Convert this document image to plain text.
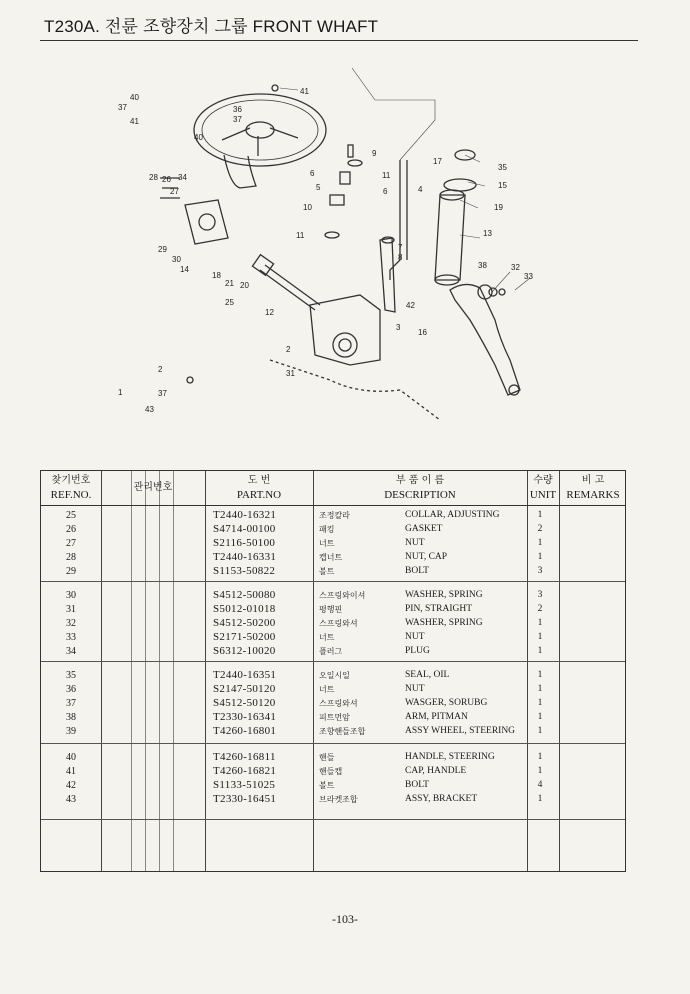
T230A. 전륜 조향장치 그룹 FRONT WHAFT
40
37
41
41
36
37
40
28 26 34
27
6
5
10
9
11
6	4
17
35
15
19
13
11
7
8
29
30
14
18
21 20
25
12
42
3
16
38	32
33
2
31
1
2
37
43
찾기번호
REF.NO.
관리번호
도 번
PART.NO
부 품 이 름
DESCRIPTION
수량
UNIT
비 고
REMARKS
25	T2440-16321	조정칼라	COLLAR, ADJUSTING	1
26	S4714-00100	패킹	GASKET	2
27	S2116-50100	너트	NUT	1
28	T2440-16331	캡너트	NUT, CAP	1
29	S1153-50822	볼트	BOLT	3
30	S4512-50080	스프링와이셔	WASHER, SPRING	3
31	S5012-01018	평행핀	PIN, STRAIGHT	2
32	S4512-50200	스프링와셔	WASHER, SPRING	1
33	S2171-50200	너트	NUT	1
34	S6312-10020	플러그	PLUG	1
35	T2440-16351	오일시일	SEAL, OIL	1
36	S2147-50120	너트	NUT	1
37	S4512-50120	스프링와셔	WASGER, SORUBG	1
38	T2330-16341	피트먼암	ARM, PITMAN	1
39	T4260-16801	조향핸들조합	ASSY WHEEL, STEERING	1
40	T4260-16811	핸들	HANDLE, STEERING	1
41	T4260-16821	핸들캡	CAP, HANDLE	1
42	S1133-51025	볼트	BOLT	4
43	T2330-16451	브라켓조합	ASSY, BRACKET	1
-103-
